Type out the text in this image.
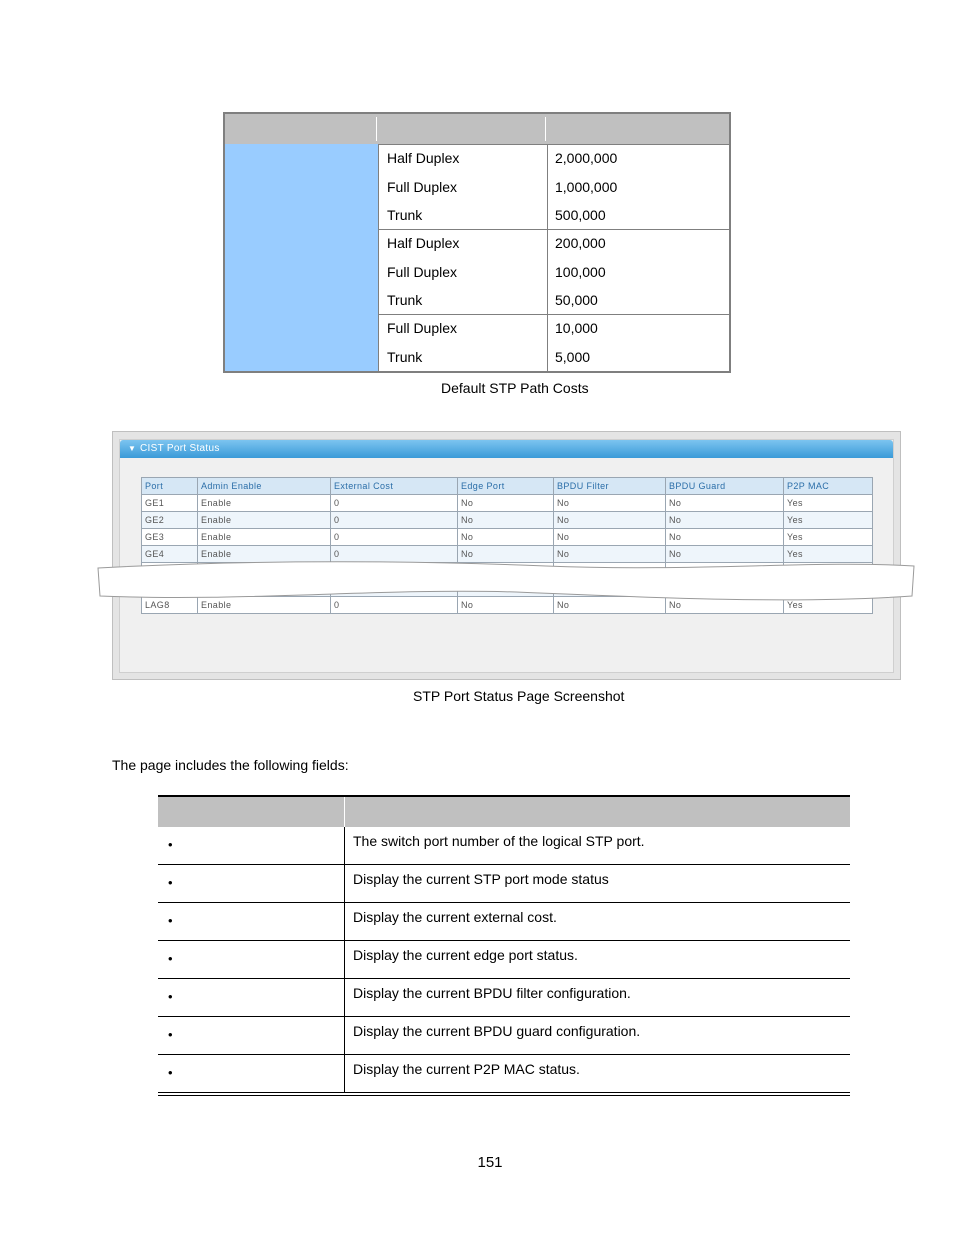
Half Duplex	2,000,000
Full Duplex	1,000,000
Trunk	500,000
Half Duplex	200,000
Full Duplex	100,000
Trunk	50,000
Full Duplex	10,000
Trunk	5,000
Default STP Path Costs
▼ CIST Port Status
Port	Admin Enable	External Cost	Edge Port	BPDU Filter	BPDU Guard	P2P MAC
GE1	Enable	0	No	No	No	Yes
GE2	Enable	0	No	No	No	Yes
GE3	Enable	0	No	No	No	Yes
GE4	Enable	0	No	No	No	Yes

LAG8	Enable	0	No	No	No	Yes
STP Port Status Page Screenshot
The page includes the following fields:
•	The switch port number of the logical STP port.
•	Display the current STP port mode status
•	Display the current external cost.
•	Display the current edge port status.
•	Display the current BPDU filter configuration.
•	Display the current BPDU guard configuration.
•	Display the current P2P MAC status.
151
